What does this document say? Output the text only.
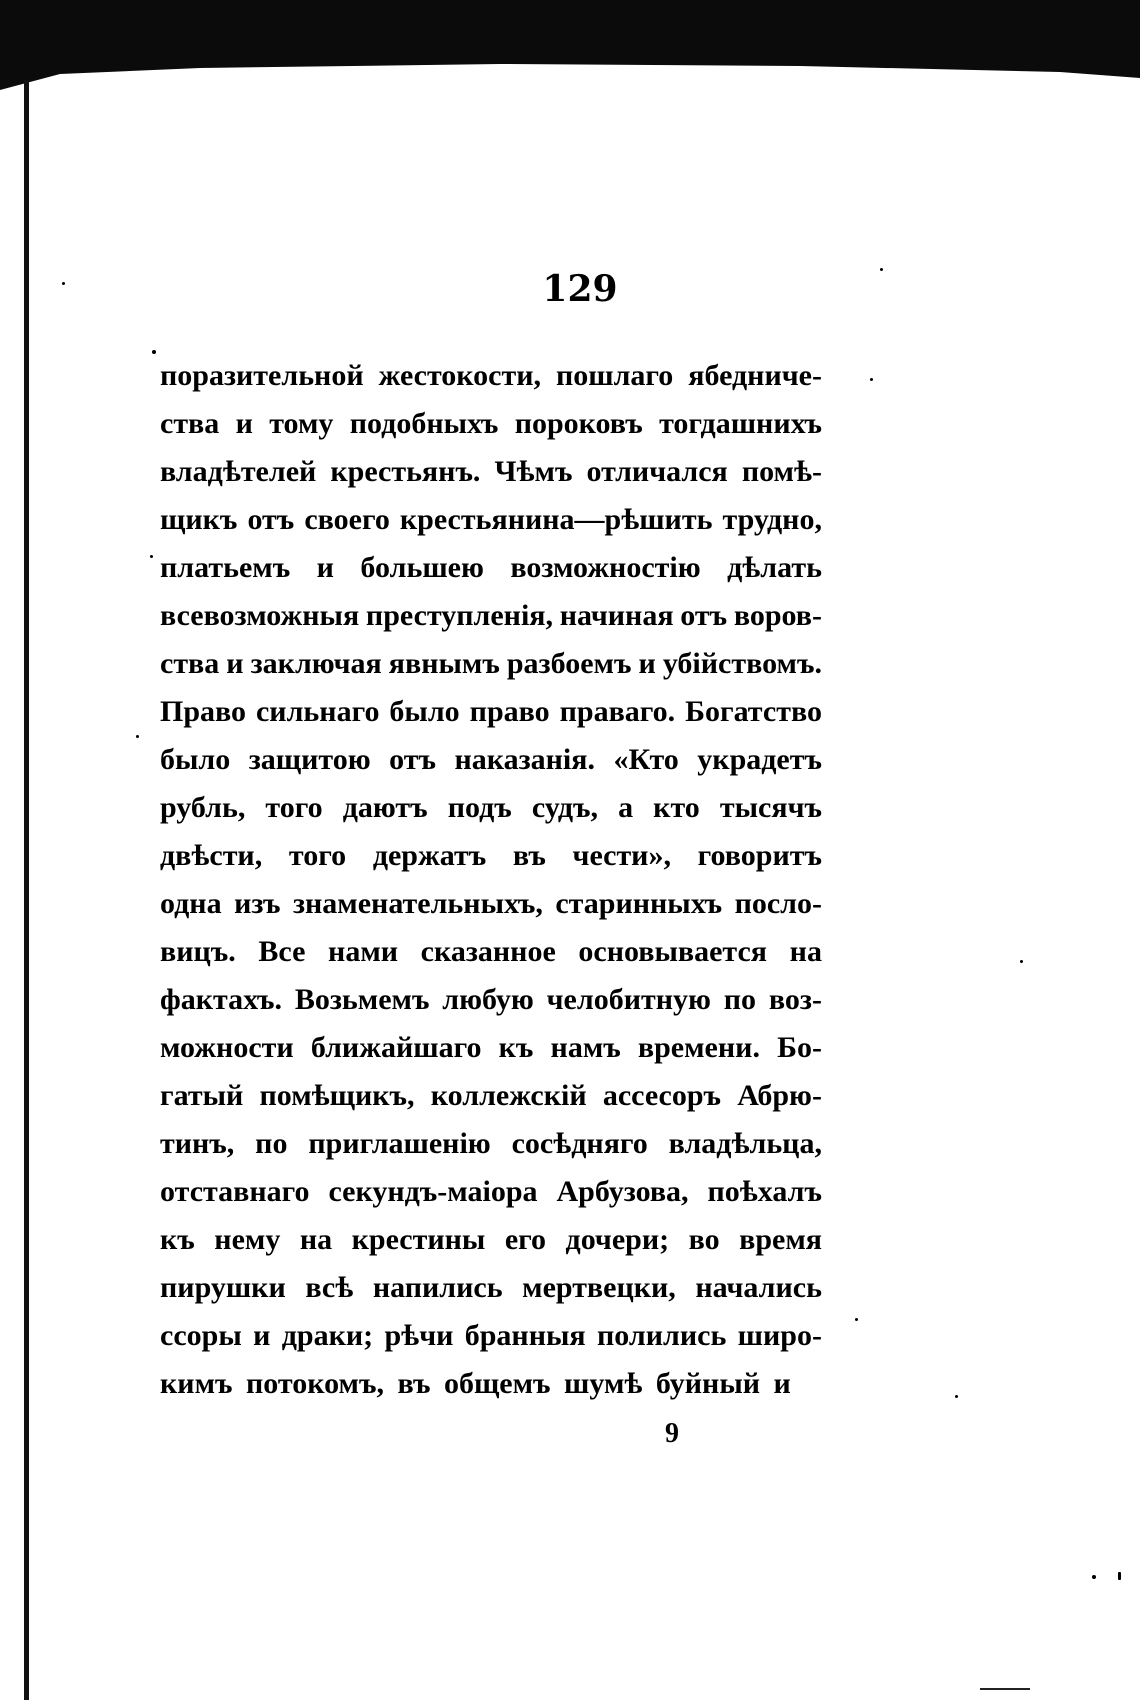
129
поразительной жестокости, пошлаго ябедниче-
ства и тому подобныхъ пороковъ тогдашнихъ
владѣтелей крестьянъ. Чѣмъ отличался помѣ-
щикъ отъ своего крестьянина—рѣшить трудно,
платьемъ и большею возможностію дѣлать
всевозможныя преступленія, начиная отъ воров-
ства и заключая явнымъ разбоемъ и убійствомъ.
Право сильнаго было право праваго. Богатство
было защитою отъ наказанія. «Кто украдетъ
рубль, того даютъ подъ судъ, а кто тысячъ
двѣсти, того держатъ въ чести», говоритъ
одна изъ знаменательныхъ, старинныхъ посло-
вицъ. Все нами сказанное основывается на
фактахъ. Возьмемъ любую челобитную по воз-
можности ближайшаго къ намъ времени. Бо-
гатый помѣщикъ, коллежскій ассесоръ Абрю-
тинъ, по приглашенію сосѣдняго владѣльца,
отставнаго секундъ-маіора Арбузова, поѣхалъ
къ нему на крестины его дочери; во время
пирушки всѣ напились мертвецки, начались
ссоры и драки; рѣчи бранныя полились широ-
кимъ потокомъ, въ общемъ шумѣ буйный и
9
